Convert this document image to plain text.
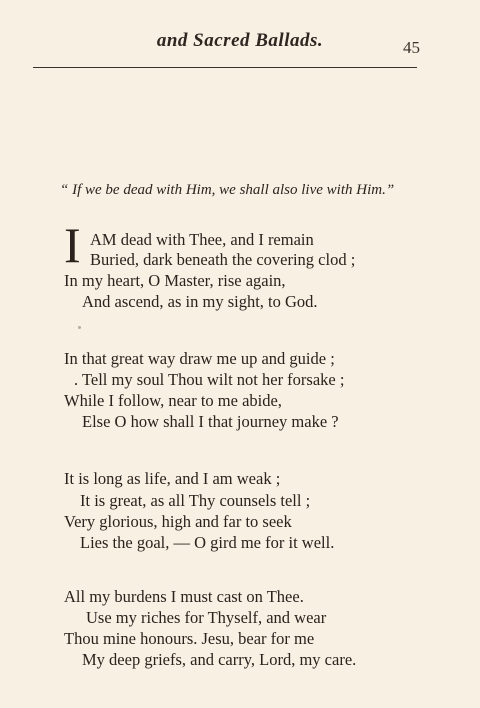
and Sacred Ballads.	45
“ If we be dead with Him, we shall also live with Him.”
I AM dead with Thee, and I remain
Buried, dark beneath the covering clod ;
In my heart, O Master, rise again,
And ascend, as in my sight, to God.
In that great way draw me up and guide ;
. Tell my soul Thou wilt not her forsake ;
While I follow, near to me abide,
Else O how shall I that journey make ?
It is long as life, and I am weak ;
It is great, as all Thy counsels tell ;
Very glorious, high and far to seek
Lies the goal, — O gird me for it well.
All my burdens I must cast on Thee.
Use my riches for Thyself, and wear
Thou mine honours. Jesu, bear for me
My deep griefs, and carry, Lord, my care.
